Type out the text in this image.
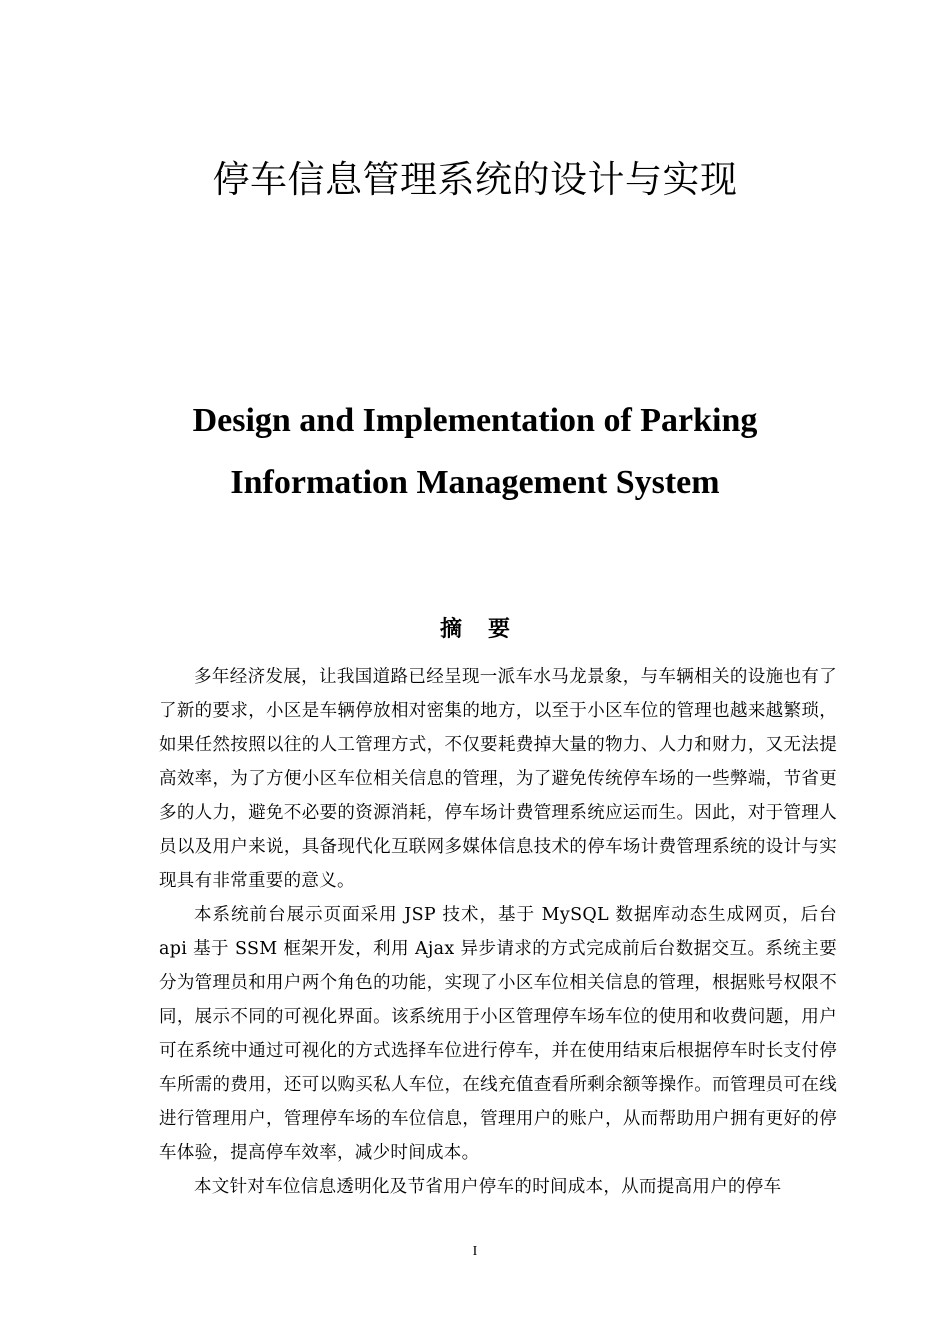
停车信息管理系统的设计与实现
Design and Implementation of Parking
Information Management System
摘要

多年经济发展，让我国道路已经呈现一派车水马龙景象，与车辆相关的设施也有了了新的要求，小区是车辆停放相对密集的地方，以至于小区车位的管理也越来越繁琐，如果任然按照以往的人工管理方式，不仅要耗费掉大量的物力、人力和财力，又无法提高效率，为了方便小区车位相关信息的管理，为了避免传统停车场的一些弊端，节省更多的人力，避免不必要的资源消耗，停车场计费管理系统应运而生。因此，对于管理人员以及用户来说，具备现代化互联网多媒体信息技术的停车场计费管理系统的设计与实现具有非常重要的意义。

本系统前台展示页面采用 JSP 技术，基于 MySQL 数据库动态生成网页，后台 api 基于 SSM 框架开发，利用 Ajax 异步请求的方式完成前后台数据交互。系统主要分为管理员和用户两个角色的功能，实现了小区车位相关信息的管理，根据账号权限不同，展示不同的可视化界面。该系统用于小区管理停车场车位的使用和收费问题，用户可在系统中通过可视化的方式选择车位进行停车，并在使用结束后根据停车时长支付停车所需的费用，还可以购买私人车位，在线充值查看所剩余额等操作。而管理员可在线进行管理用户，管理停车场的车位信息，管理用户的账户，从而帮助用户拥有更好的停车体验，提高停车效率，减少时间成本。

本文针对车位信息透明化及节省用户停车的时间成本，从而提高用户的停车

I
